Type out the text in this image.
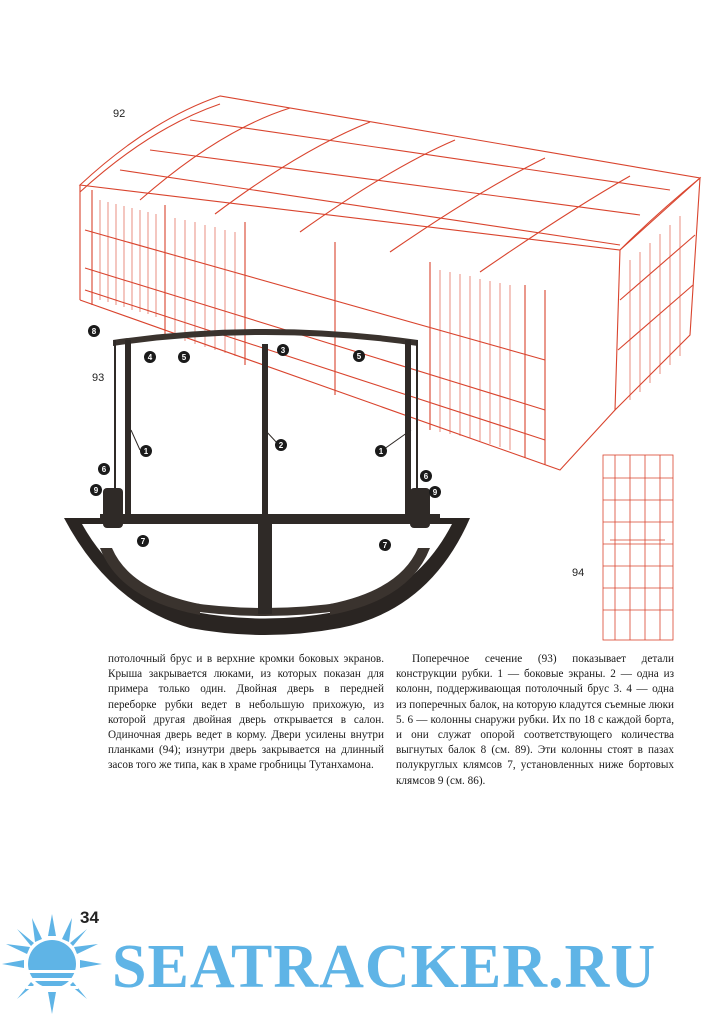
92
8
4	5
3
5
1
2
1
6
9
7
6
9
7
93
94

потолочный брус и в верхние кромки боковых экранов. Крыша закрывается люками, из которых показан для примера только один. Двойная дверь в передней переборке рубки ведет в небольшую прихожую, из которой другая двойная дверь открывается в салон. Одиночная дверь ведет в корму. Двери усилены внутри планками (94); изнутри дверь закрывается на длинный засов того же типа, как в храме гробницы Тутанхамона.

Поперечное сечение (93) показывает детали конструкции рубки. 1 — боковые экраны. 2 — одна из колонн, поддерживающая потолочный брус 3. 4 — одна из поперечных балок, на которую кладутся съемные люки 5. 6 — колонны снаружи рубки. Их по 18 с каждой борта, и они служат опорой соответствующего количества выгнутых балок 8 (см. 89). Эти колонны стоят в пазах полукруглых клямсов 7, установленных ниже бортовых клямсов 9 (см. 86).

34
SEATRACKER.RU
